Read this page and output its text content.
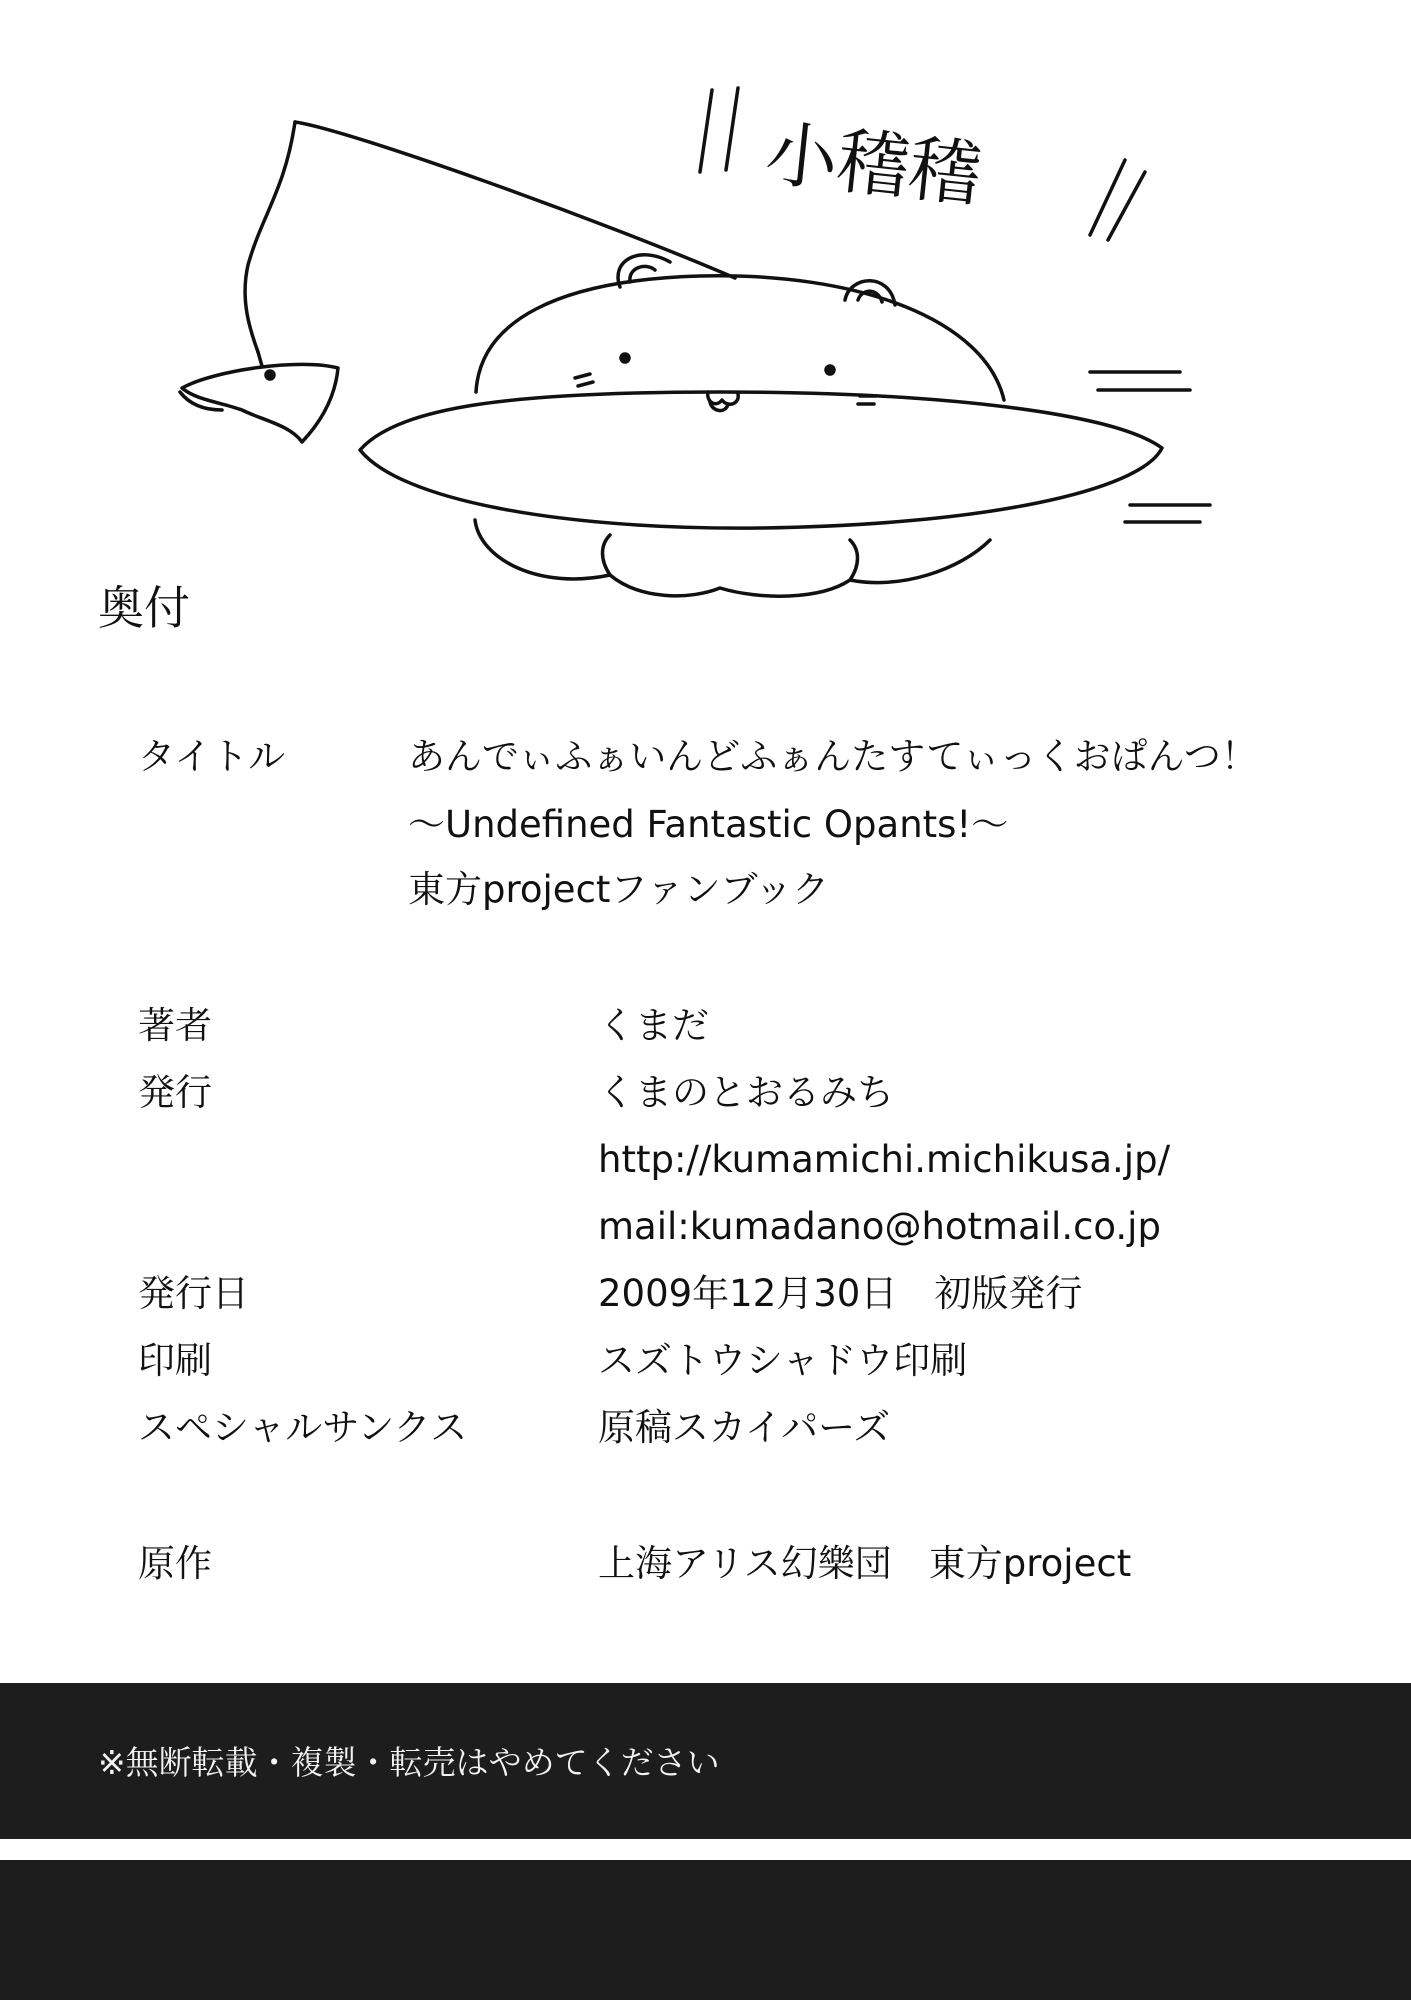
小𥡴𥡴
奥付
タイトル	あんでぃふぁいんどふぁんたすてぃっくおぱんつ！
〜Undefined Fantastic Opants!〜
東方projectファンブック
著者	くまだ
発行	くまのとおるみち
http://kumamichi.michikusa.jp/
mail:kumadano@hotmail.co.jp
発行日	2009年12月30日　初版発行
印刷	スズトウシャドウ印刷
スペシャルサンクス	原稿スカイパーズ
原作	上海アリス幻樂団　東方project
※無断転載・複製・転売はやめてください
